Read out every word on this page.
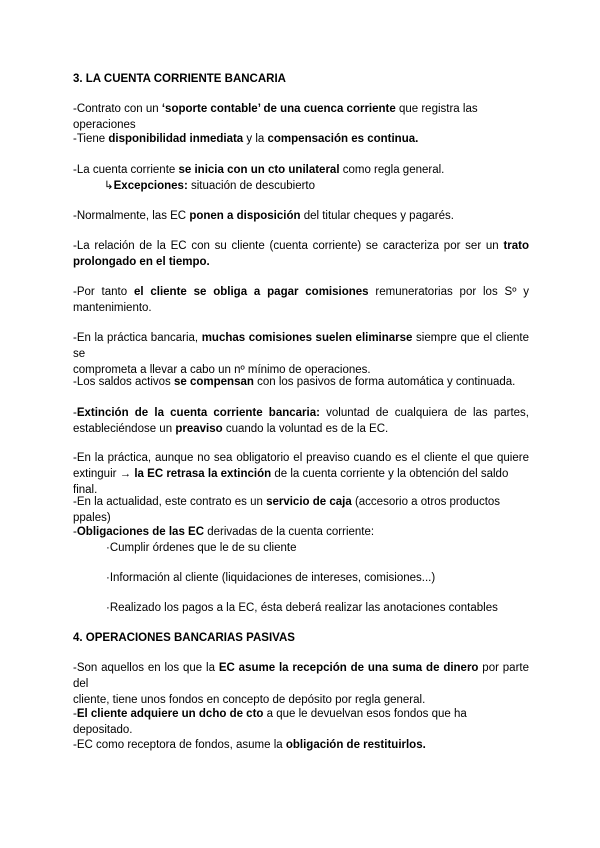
3. LA CUENTA CORRIENTE BANCARIA

-Contrato con un ‘soporte contable’ de una cuenca corriente que registra las operaciones

-Tiene disponibilidad inmediata y la compensación es continua.

-La cuenta corriente se inicia con un cto unilateral como regla general.

↳Excepciones: situación de descubierto

-Normalmente, las EC ponen a disposición del titular cheques y pagarés.

-La relación de la EC con su cliente (cuenta corriente) se caracteriza por ser un trato
prolongado en el tiempo.

-Por tanto el cliente se obliga a pagar comisiones remuneratorias por los Sº y
mantenimiento.

-En la práctica bancaria, muchas comisiones suelen eliminarse siempre que el cliente se
comprometa a llevar a cabo un nº mínimo de operaciones.

-Los saldos activos se compensan con los pasivos de forma automática y continuada.

-Extinción de la cuenta corriente bancaria: voluntad de cualquiera de las partes,
estableciéndose un preaviso cuando la voluntad es de la EC.

-En la práctica, aunque no sea obligatorio el preaviso cuando es el cliente el que quiere
extinguir → la EC retrasa la extinción de la cuenta corriente y la obtención del saldo final.

-En la actualidad, este contrato es un servicio de caja (accesorio a otros productos ppales)

-Obligaciones de las EC derivadas de la cuenta corriente:

·Cumplir órdenes que le de su cliente

·Información al cliente (liquidaciones de intereses, comisiones...)

·Realizado los pagos a la EC, ésta deberá realizar las anotaciones contables

4. OPERACIONES BANCARIAS PASIVAS

-Son aquellos en los que la EC asume la recepción de una suma de dinero por parte del
cliente, tiene unos fondos en concepto de depósito por regla general.

-El cliente adquiere un dcho de cto a que le devuelvan esos fondos que ha depositado.

-EC como receptora de fondos, asume la obligación de restituirlos.
